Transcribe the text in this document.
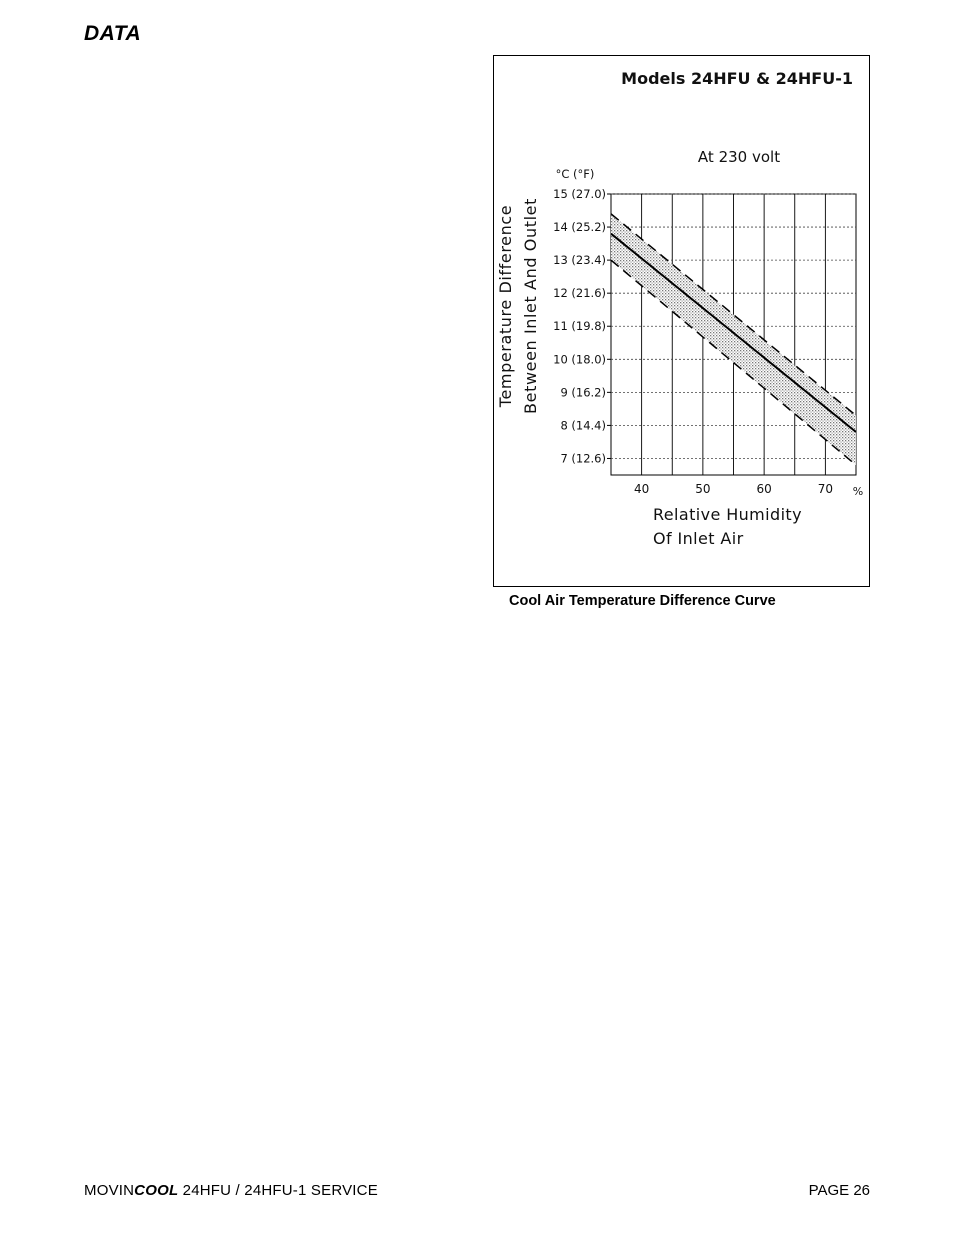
DATA
15 (27.0)
14 (25.2)
13 (23.4)
12 (21.6)
11 (19.8)
10 (18.0)
9 (16.2)
8 (14.4)
7 (12.6)
40	50	60	70 %
°C (°F)
Models 24HFU & 24HFU-1
At 230 volt
Relative Humidity
Of Inlet Air
Temperature Difference Between Inlet And Outlet
Cool Air Temperature Difference Curve
MOVINCOOL 24HFU / 24HFU-1 SERVICE	PAGE 26
